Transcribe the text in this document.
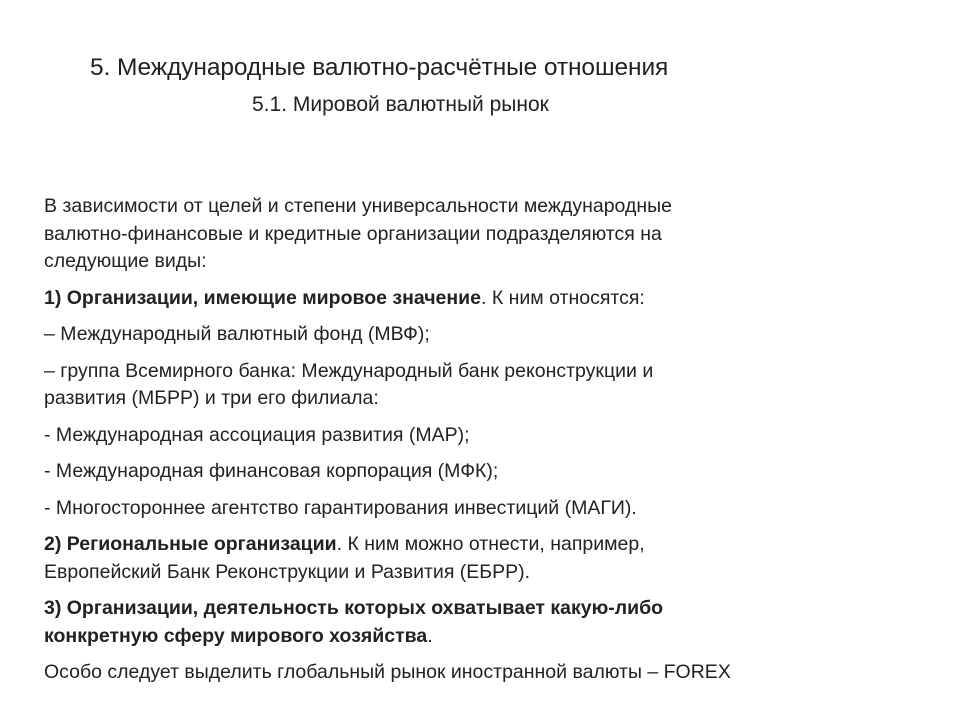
5. Международные валютно-расчётные отношения
5.1. Мировой валютный рынок

В зависимости от целей и степени универсальности международные
валютно-финансовые и кредитные организации подразделяются на
следующие виды:

1) Организации, имеющие мировое значение. К ним относятся:

– Международный валютный фонд (МВФ);

– группа Всемирного банка: Международный банк реконструкции и
развития (МБРР) и три его филиала:

- Международная ассоциация развития (МАР);

- Международная финансовая корпорация (МФК);

- Многостороннее агентство гарантирования инвестиций (МАГИ).

2) Региональные организации. К ним можно отнести, например,
Европейский Банк Реконструкции и Развития (ЕБРР).

3) Организации, деятельность которых охватывает какую-либо
конкретную сферу мирового хозяйства.

Особо следует выделить глобальный рынок иностранной валюты – FOREX
